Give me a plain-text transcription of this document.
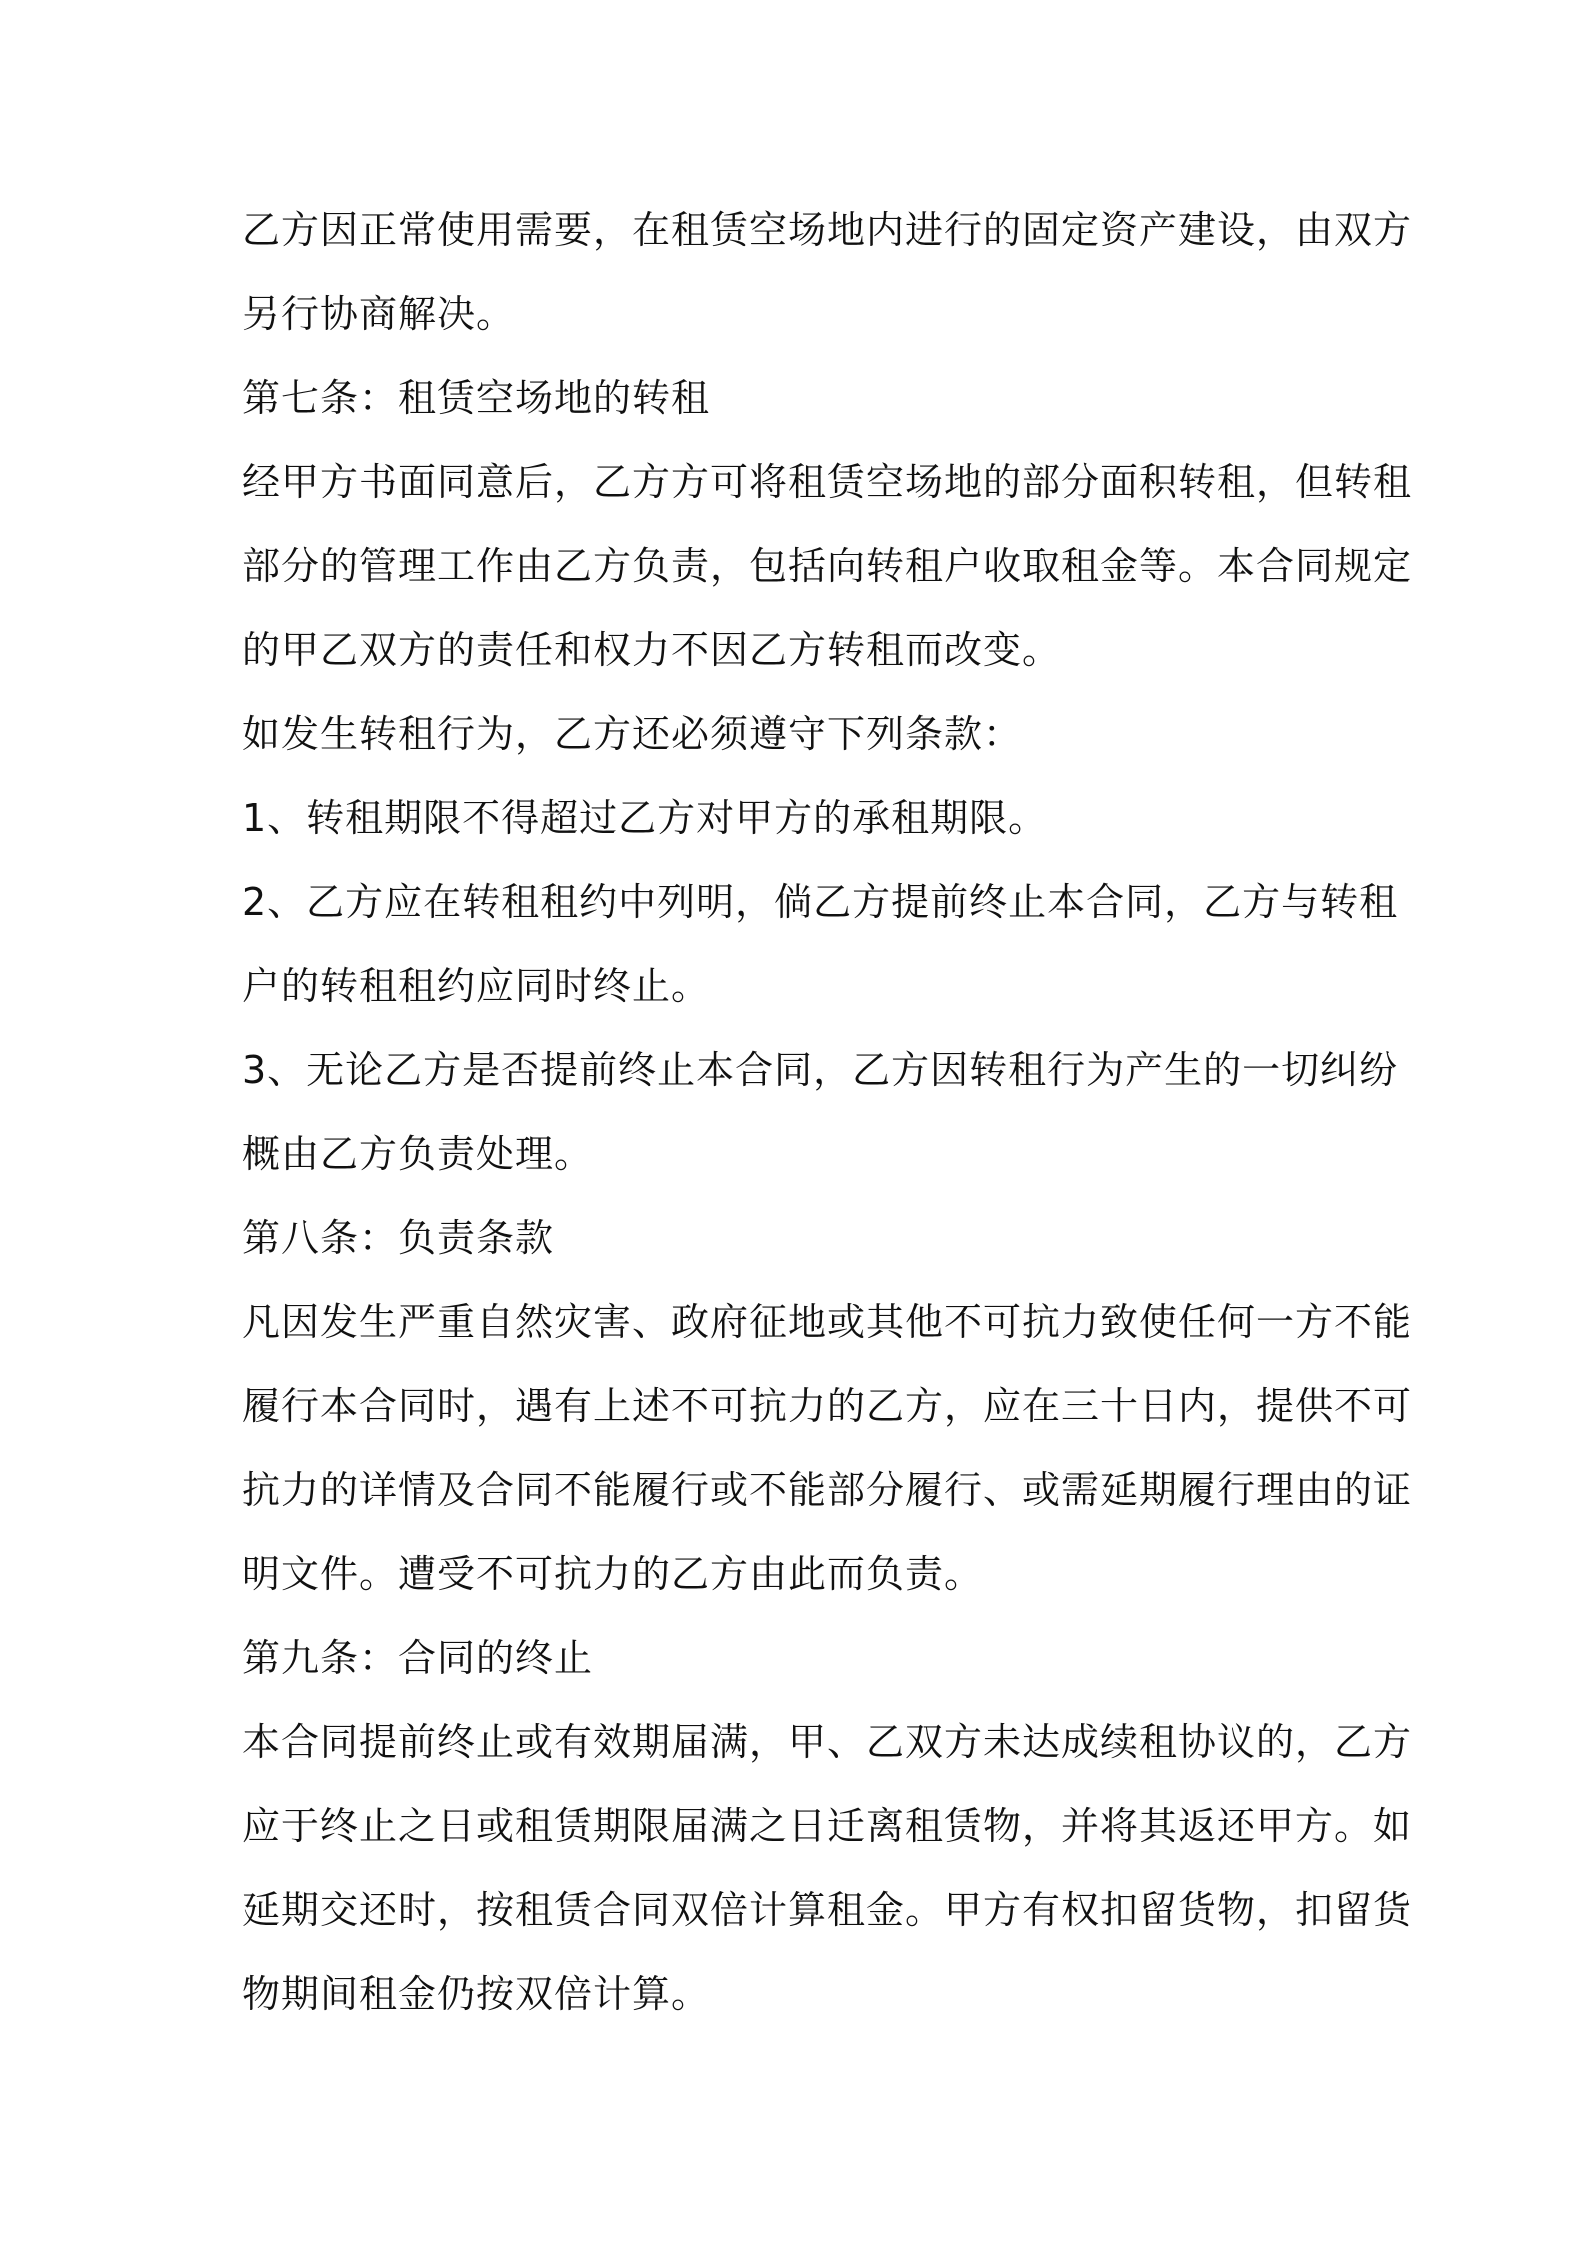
乙方因正常使用需要，在租赁空场地内进行的固定资产建设，由双方
另行协商解决。
第七条：租赁空场地的转租
经甲方书面同意后，乙方方可将租赁空场地的部分面积转租，但转租
部分的管理工作由乙方负责，包括向转租户收取租金等。本合同规定
的甲乙双方的责任和权力不因乙方转租而改变。
如发生转租行为，乙方还必须遵守下列条款：
1、转租期限不得超过乙方对甲方的承租期限。
2、乙方应在转租租约中列明，倘乙方提前终止本合同，乙方与转租
户的转租租约应同时终止。
3、无论乙方是否提前终止本合同，乙方因转租行为产生的一切纠纷
概由乙方负责处理。
第八条：负责条款
凡因发生严重自然灾害、政府征地或其他不可抗力致使任何一方不能
履行本合同时，遇有上述不可抗力的乙方，应在三十日内，提供不可
抗力的详情及合同不能履行或不能部分履行、或需延期履行理由的证
明文件。遭受不可抗力的乙方由此而负责。
第九条：合同的终止
本合同提前终止或有效期届满，甲、乙双方未达成续租协议的，乙方
应于终止之日或租赁期限届满之日迁离租赁物，并将其返还甲方。如
延期交还时，按租赁合同双倍计算租金。甲方有权扣留货物，扣留货
物期间租金仍按双倍计算。
